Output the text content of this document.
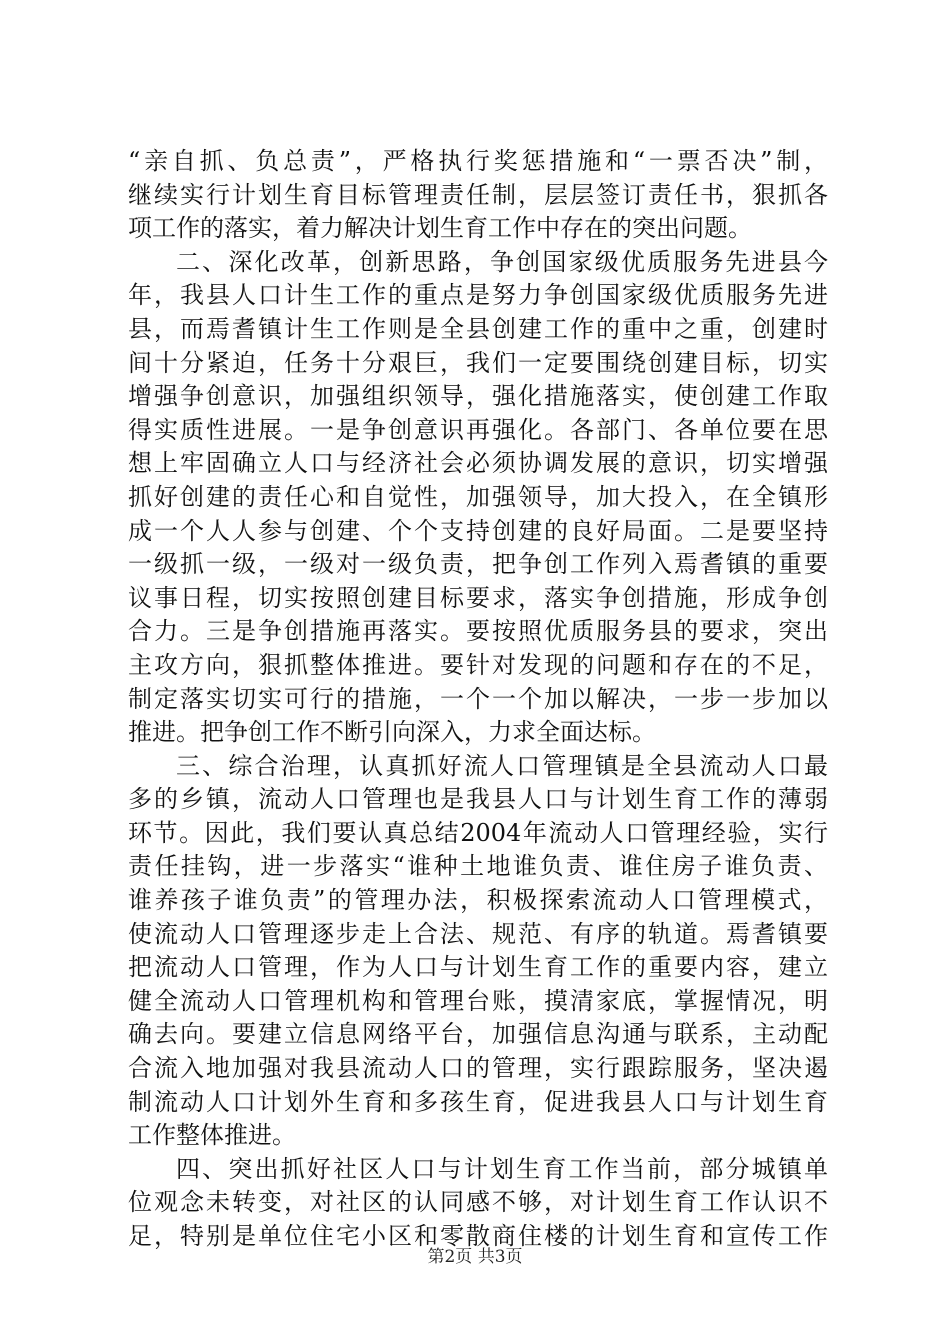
“亲自抓、负总责”，严格执行奖惩措施和“一票否决”制，
继续实行计划生育目标管理责任制，层层签订责任书，狠抓各
项工作的落实，着力解决计划生育工作中存在的突出问题。
二、深化改革，创新思路，争创国家级优质服务先进县今
年，我县人口计生工作的重点是努力争创国家级优质服务先进
县，而焉耆镇计生工作则是全县创建工作的重中之重，创建时
间十分紧迫，任务十分艰巨，我们一定要围绕创建目标，切实
增强争创意识，加强组织领导，强化措施落实，使创建工作取
得实质性进展。一是争创意识再强化。各部门、各单位要在思
想上牢固确立人口与经济社会必须协调发展的意识，切实增强
抓好创建的责任心和自觉性，加强领导，加大投入，在全镇形
成一个人人参与创建、个个支持创建的良好局面。二是要坚持
一级抓一级，一级对一级负责，把争创工作列入焉耆镇的重要
议事日程，切实按照创建目标要求，落实争创措施，形成争创
合力。三是争创措施再落实。要按照优质服务县的要求，突出
主攻方向，狠抓整体推进。要针对发现的问题和存在的不足，
制定落实切实可行的措施，一个一个加以解决，一步一步加以
推进。把争创工作不断引向深入，力求全面达标。
三、综合治理，认真抓好流人口管理镇是全县流动人口最
多的乡镇，流动人口管理也是我县人口与计划生育工作的薄弱
环节。因此，我们要认真总结2004年流动人口管理经验，实行
责任挂钩，进一步落实“谁种土地谁负责、谁住房子谁负责、
谁养孩子谁负责”的管理办法，积极探索流动人口管理模式，
使流动人口管理逐步走上合法、规范、有序的轨道。焉耆镇要
把流动人口管理，作为人口与计划生育工作的重要内容，建立
健全流动人口管理机构和管理台账，摸清家底，掌握情况，明
确去向。要建立信息网络平台，加强信息沟通与联系，主动配
合流入地加强对我县流动人口的管理，实行跟踪服务，坚决遏
制流动人口计划外生育和多孩生育，促进我县人口与计划生育
工作整体推进。
四、突出抓好社区人口与计划生育工作当前，部分城镇单
位观念未转变，对社区的认同感不够，对计划生育工作认识不
足，特别是单位住宅小区和零散商住楼的计划生育和宣传工作
第2页 共3页
